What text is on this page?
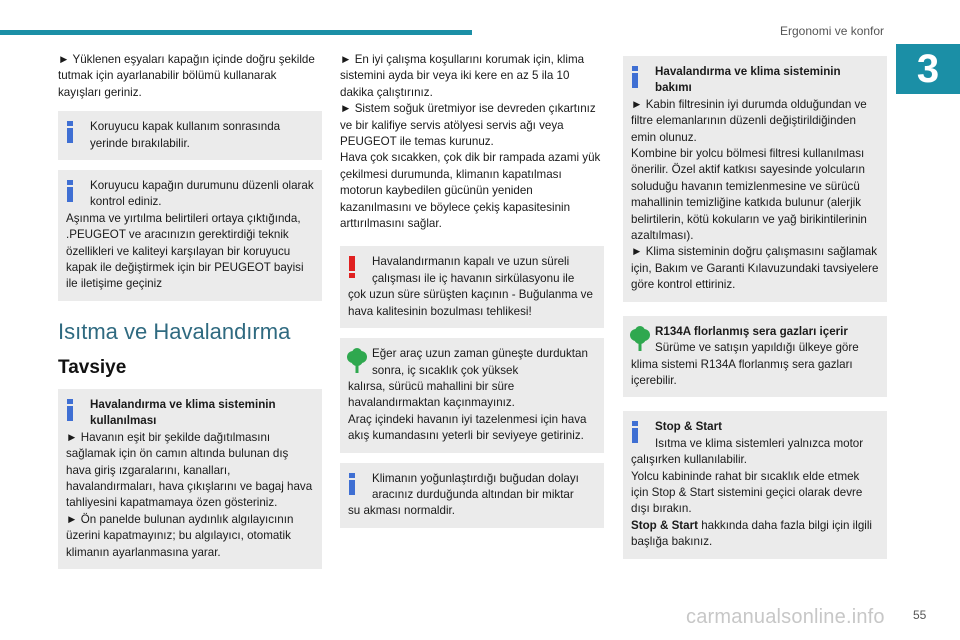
Ergonomi ve konfor
3

► Yüklenen eşyaları kapağın içinde doğru şekilde tutmak için ayarlanabilir bölümü kullanarak kayışları geriniz.

Koruyucu kapak kullanım sonrasında yerinde bırakılabilir.
Koruyucu kapağın durumunu düzenli olarak kontrol ediniz.
Aşınma ve yırtılma belirtileri ortaya çıktığında, .PEUGEOT ve aracınızın gerektirdiği teknik özellikleri ve kaliteyi karşılayan bir koruyucu kapak ile değiştirmek için bir PEUGEOT bayisi ile iletişime geçiniz
Isıtma ve Havalandırma
Tavsiye
Havalandırma ve klima sisteminin kullanılması
► Havanın eşit bir şekilde dağıtılmasını sağlamak için ön camın altında bulunan dış hava giriş ızgaralarını, kanalları, havalandırmaları, hava çıkışlarını ve bagaj hava tahliyesini kapatmamaya özen gösteriniz.
► Ön panelde bulunan aydınlık algılayıcının üzerini kapatmayınız; bu algılayıcı, otomatik klimanın ayarlanmasına yarar.

► En iyi çalışma koşullarını korumak için, klima sistemini ayda bir veya iki kere en az 5 ila 10 dakika çalıştırınız.
► Sistem soğuk üretmiyor ise devreden çıkartınız ve bir kalifiye servis atölyesi servis ağı veya PEUGEOT ile temas kurunuz.
Hava çok sıcakken, çok dik bir rampada azami yük çekilmesi durumunda, klimanın kapatılması motorun kaybedilen gücünün yeniden kazanılmasını ve böylece çekiş kapasitesinin arttırılmasını sağlar.

Havalandırmanın kapalı ve uzun süreli çalışması ile iç havanın sirkülasyonu ile
çok uzun süre sürüşten kaçının - Buğulanma ve hava kalitesinin bozulması tehlikesi!
Eğer araç uzun zaman güneşte durduktan sonra, iç sıcaklık çok yüksek
kalırsa, sürücü mahallini bir süre havalandırmaktan kaçınmayınız.
Araç içindeki havanın iyi tazelenmesi için hava akış kumandasını yeterli bir seviyeye getiriniz.
Klimanın yoğunlaştırdığı buğudan dolayı aracınız durduğunda altından bir miktar
su akması normaldir.
Havalandırma ve klima sisteminin bakımı
► Kabin filtresinin iyi durumda olduğundan ve filtre elemanlarının düzenli değiştirildiğinden emin olunuz.
Kombine bir yolcu bölmesi filtresi kullanılması önerilir. Özel aktif katkısı sayesinde yolcuların soluduğu havanın temizlenmesine ve sürücü mahallinin temizliğine katkıda bulunur (alerjik belirtilerin, kötü kokuların ve yağ birikintilerinin azaltılması).
► Klima sisteminin doğru çalışmasını sağlamak için, Bakım ve Garanti Kılavuzundaki tavsiyelere göre kontrol ettiriniz.
R134A florlanmış sera gazları içerir
Sürüme ve satışın yapıldığı ülkeye göre
klima sistemi R134A florlanmış sera gazları içerebilir.
Stop & Start
Isıtma ve klima sistemleri yalnızca motor
çalışırken kullanılabilir.
Yolcu kabininde rahat bir sıcaklık elde etmek için Stop & Start sistemini geçici olarak devre dışı bırakın.
Stop & Start hakkında daha fazla bilgi için ilgili başlığa bakınız.
carmanualsonline.info 55
